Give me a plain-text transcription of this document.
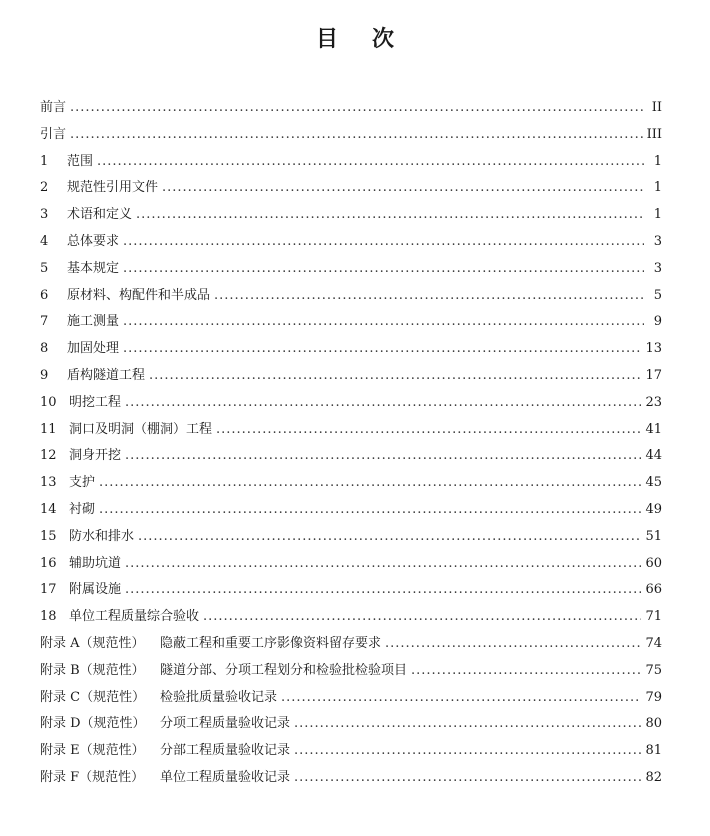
目 次
前言 .....	II
引言 .....	III
1	范围 .....	1
2	规范性引用文件 .....	1
3	术语和定义 .....	1
4	总体要求 .....	3
5	基本规定 .....	3
6	原材料、构配件和半成品 .....	5
7	施工测量 .....	9
8	加固处理 .....	13
9	盾构隧道工程 .....	17
10 明挖工程 .....	23
11 洞口及明洞（棚洞）工程 .....	41
12 洞身开挖 .....	44
13 支护 .....	45
14 衬砌 .....	49
15 防水和排水 .....	51
16 辅助坑道 .....	60
17 附属设施 .....	66
18 单位工程质量综合验收 .....	71
附录 A（规范性）	隐蔽工程和重要工序影像资料留存要求 .....	74
附录 B（规范性）	隧道分部、分项工程划分和检验批检验项目 .....	75
附录 C（规范性）	检验批质量验收记录 .....	79
附录 D（规范性）	分项工程质量验收记录 .....	80
附录 E（规范性）	分部工程质量验收记录 .....	81
附录 F（规范性）	单位工程质量验收记录 .....	82
